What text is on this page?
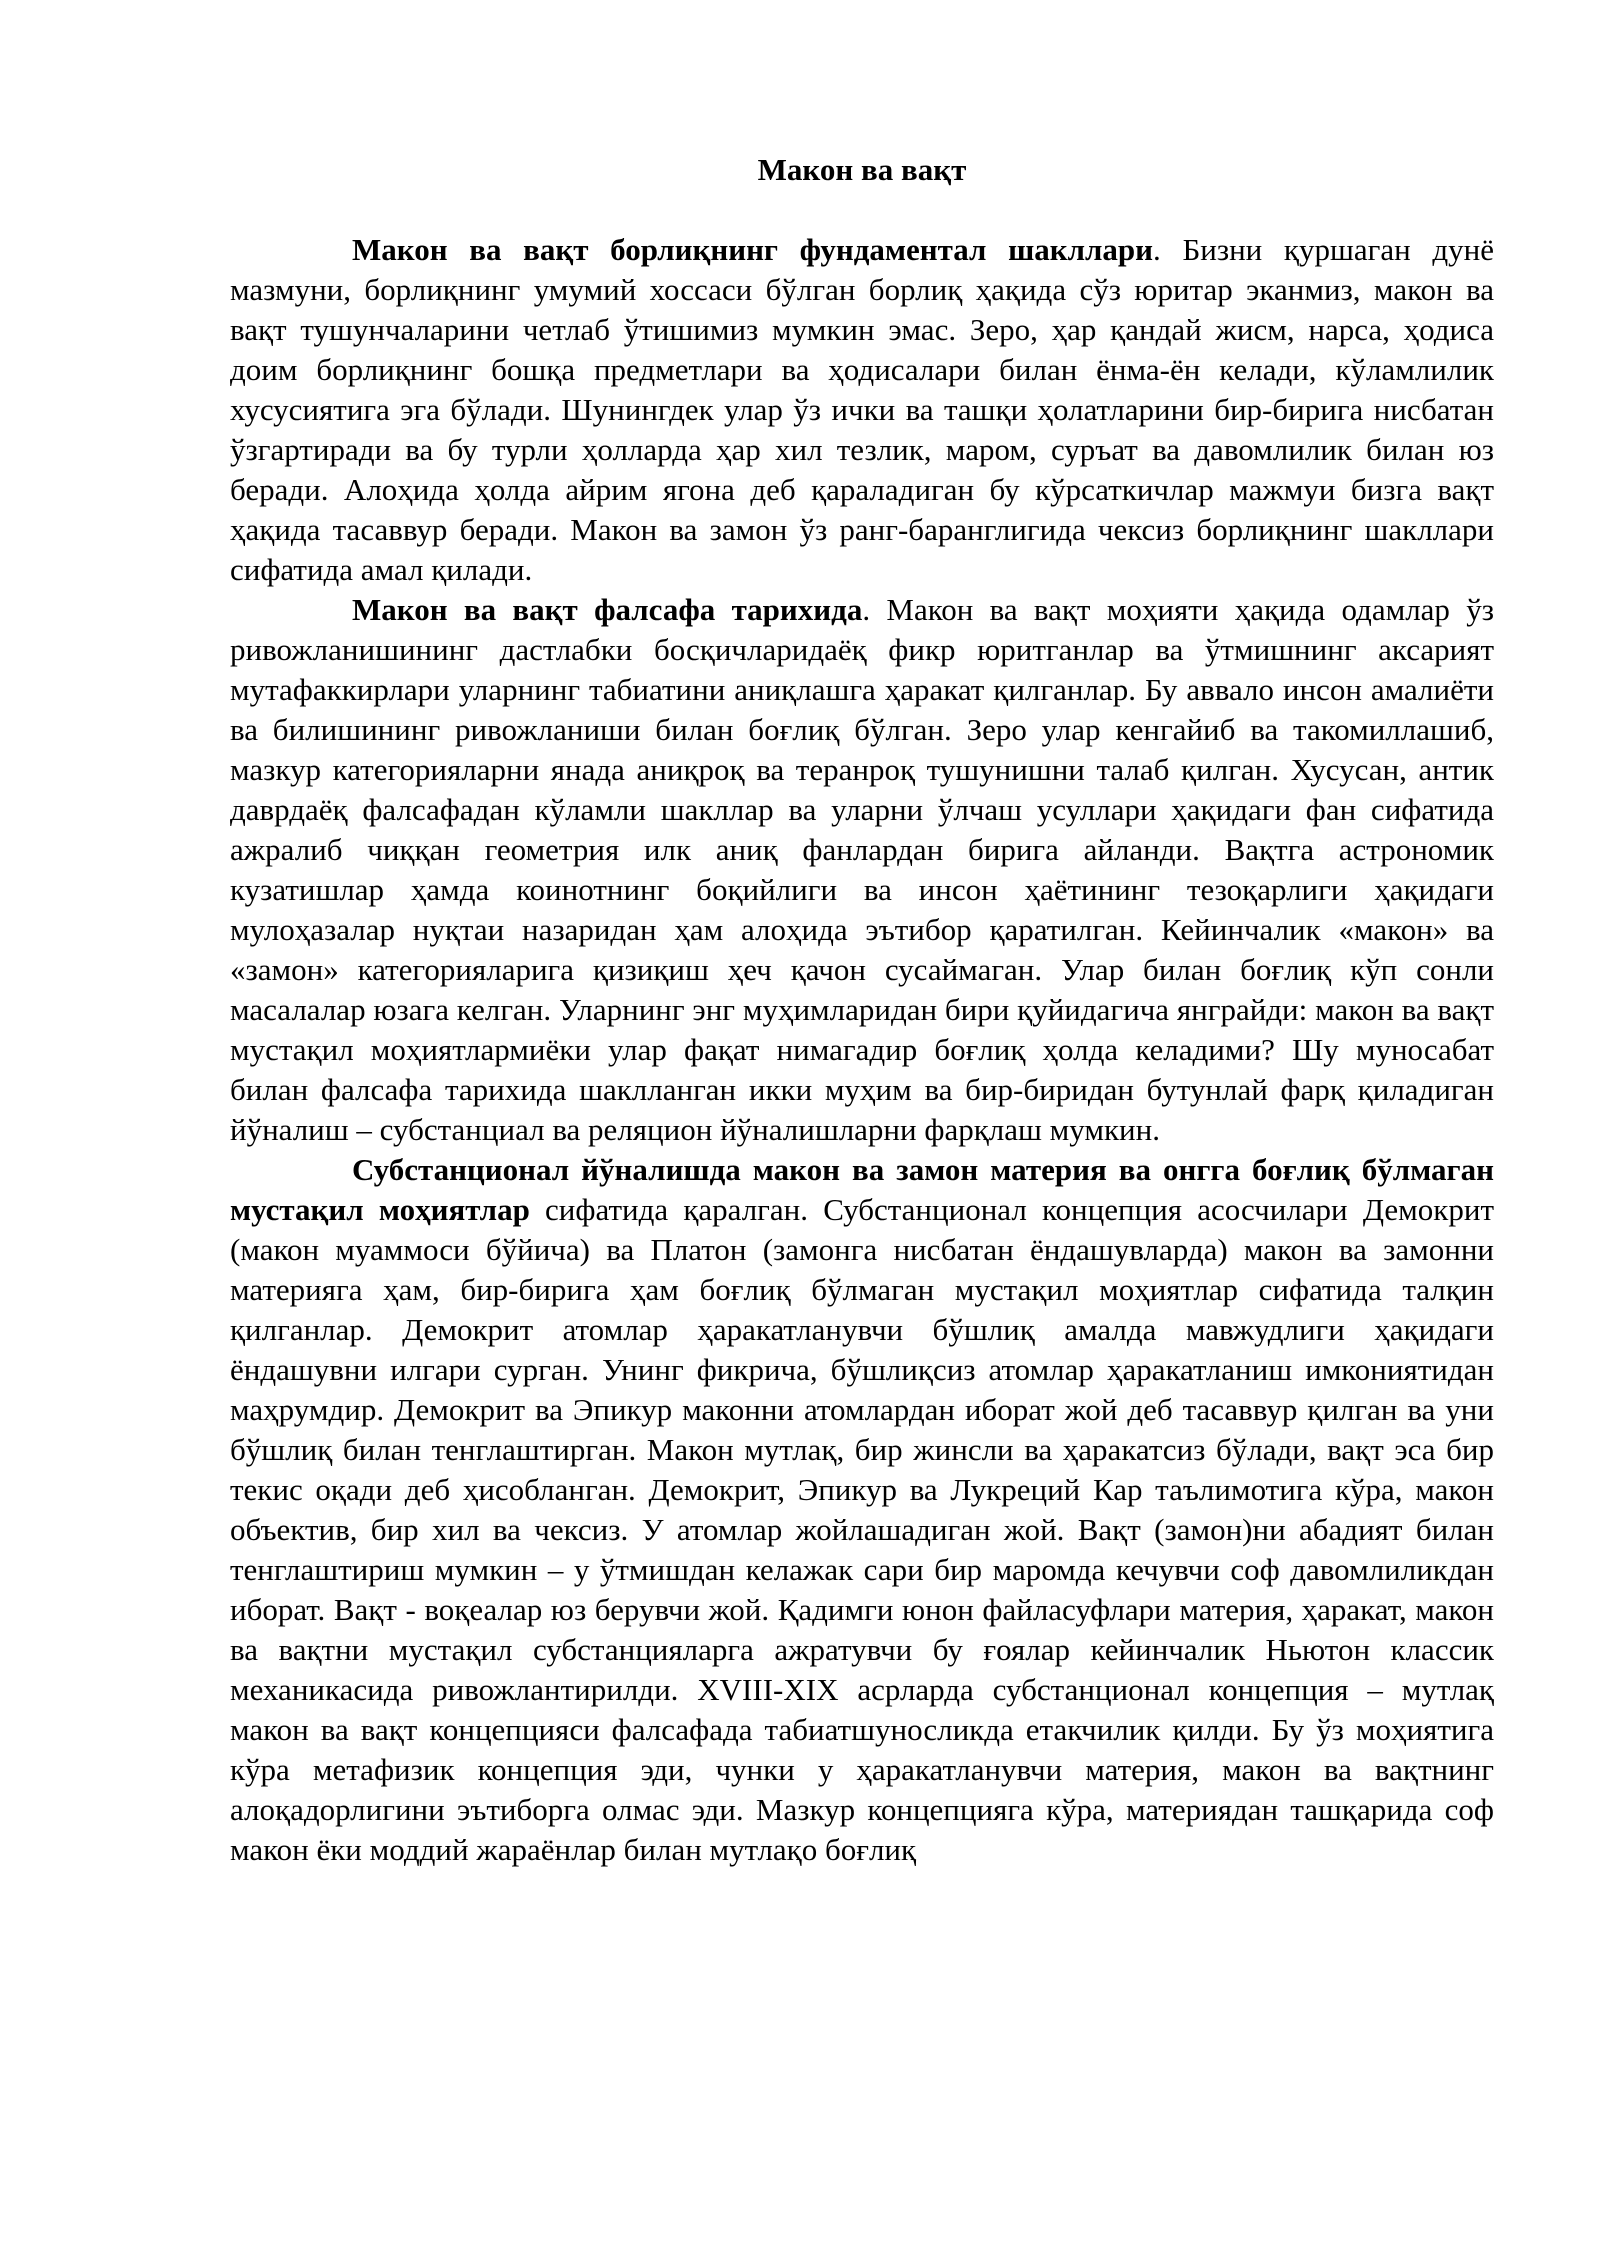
Макон ва вақт

Макон ва вақт борлиқнинг фундаментал шакллари. Бизни қуршаган дунё мазмуни, борлиқнинг умумий хоссаси бўлган борлиқ ҳақида сўз юритар эканмиз, макон ва вақт тушунчаларини четлаб ўтишимиз мумкин эмас. Зеро, ҳар қандай жисм, нарса, ҳодиса доим борлиқнинг бошқа предметлари ва ҳодисалари билан ёнма-ён келади, кўламлилик хусусиятига эга бўлади. Шунингдек улар ўз ички ва ташқи ҳолатларини бир-бирига нисбатан ўзгартиради ва бу турли ҳолларда ҳар хил тезлик, маром, суръат ва давомлилик билан юз беради. Алоҳида ҳолда айрим ягона деб қараладиган бу кўрсаткичлар мажмуи бизга вақт ҳақида тасаввур беради. Макон ва замон ўз ранг-баранглигида чексиз борлиқнинг шакллари сифатида амал қилади.

Макон ва вақт фалсафа тарихида. Макон ва вақт моҳияти ҳақида одамлар ўз ривожланишининг дастлабки босқичларидаёқ фикр юритганлар ва ўтмишнинг аксарият мутафаккирлари уларнинг табиатини аниқлашга ҳаракат қилганлар. Бу аввало инсон амалиёти ва билишининг ривожланиши билан боғлиқ бўлган. Зеро улар кенгайиб ва такомиллашиб, мазкур категорияларни янада аниқроқ ва теранроқ тушунишни талаб қилган. Хусусан, антик даврдаёқ фалсафадан кўламли шакллар ва уларни ўлчаш усуллари ҳақидаги фан сифатида ажралиб чиққан геометрия илк аниқ фанлардан бирига айланди. Вақтга астрономик кузатишлар ҳамда коинотнинг боқийлиги ва инсон ҳаётининг тезоқарлиги ҳақидаги мулоҳазалар нуқтаи назаридан ҳам алоҳида эътибор қаратилган. Кейинчалик «макон» ва «замон» категорияларига қизиқиш ҳеч қачон сусаймаган. Улар билан боғлиқ кўп сонли масалалар юзага келган. Уларнинг энг муҳимларидан бири қуйидагича янграйди: макон ва вақт мустақил моҳиятлармиёки улар фақат нимагадир боғлиқ ҳолда келадими? Шу муносабат билан фалсафа тарихида шаклланган икки муҳим ва бир-биридан бутунлай фарқ қиладиган йўналиш – субстанциал ва реляцион йўналишларни фарқлаш мумкин.

Субстанционал йўналишда макон ва замон материя ва онгга боғлиқ бўлмаган мустақил моҳиятлар сифатида қаралган. Субстанционал концепция асосчилари Демокрит (макон муаммоси бўйича) ва Платон (замонга нисбатан ёндашувларда) макон ва замонни материяга ҳам, бир-бирига ҳам боғлиқ бўлмаган мустақил моҳиятлар сифатида талқин қилганлар. Демокрит атомлар ҳаракатланувчи бўшлиқ амалда мавжудлиги ҳақидаги ёндашувни илгари сурган. Унинг фикрича, бўшлиқсиз атомлар ҳаракатланиш имкониятидан маҳрумдир. Демокрит ва Эпикур маконни атомлардан иборат жой деб тасаввур қилган ва уни бўшлиқ билан тенглаштирган. Макон мутлақ, бир жинсли ва ҳаракатсиз бўлади, вақт эса бир текис оқади деб ҳисобланган. Демокрит, Эпикур ва Лукреций Кар таълимотига кўра, макон объектив, бир хил ва чексиз. У атомлар жойлашадиган жой. Вақт (замон)ни абадият билан тенглаштириш мумкин – у ўтмишдан келажак сари бир маромда кечувчи соф давомлиликдан иборат. Вақт - воқеалар юз берувчи жой. Қадимги юнон файласуфлари материя, ҳаракат, макон ва вақтни мустақил субстанцияларга ажратувчи бу ғоялар кейинчалик Ньютон классик механикасида ривожлантирилди. XVIII-XIX асрларда субстанционал концепция – мутлақ макон ва вақт концепцияси фалсафада табиатшуносликда етакчилик қилди. Бу ўз моҳиятига кўра метафизик концепция эди, чунки у ҳаракатланувчи материя, макон ва вақтнинг алоқадорлигини эътиборга олмас эди. Мазкур концепцияга кўра, материядан ташқарида соф макон ёки моддий жараёнлар билан мутлақо боғлиқ
